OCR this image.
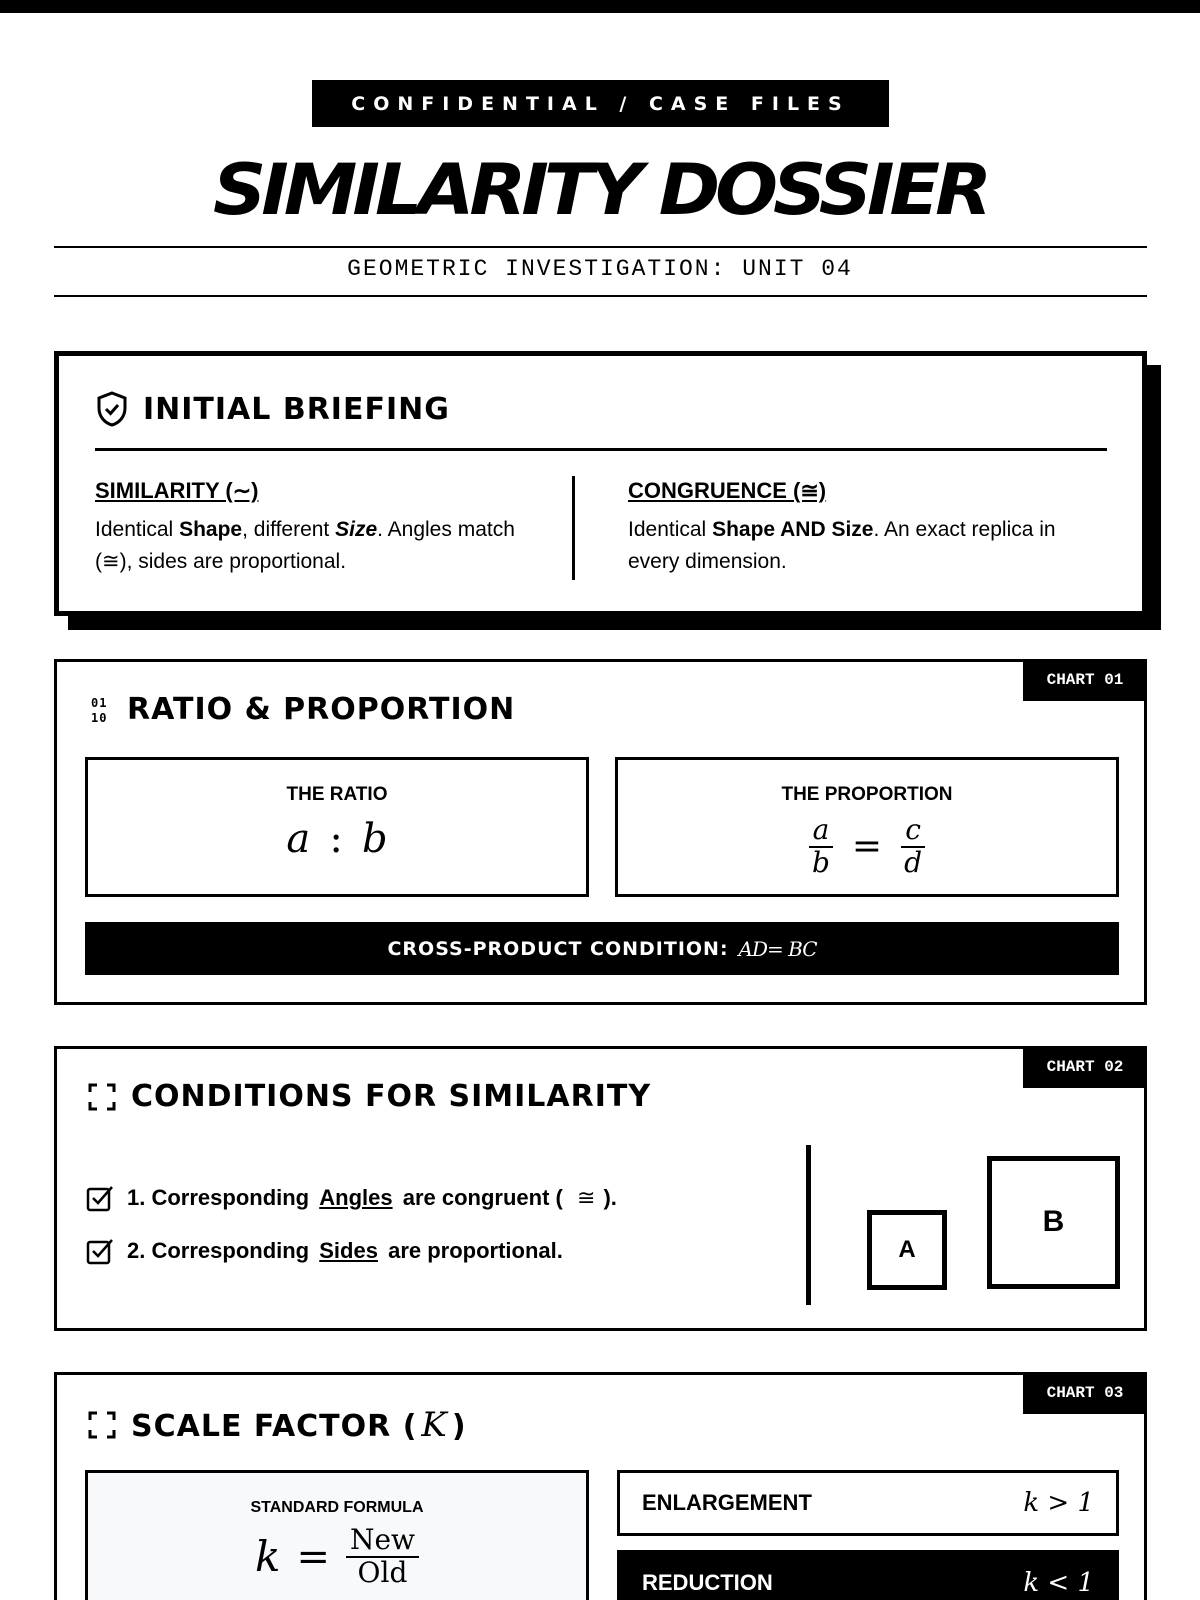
CONFIDENTIAL / CASE FILES
SIMILARITY DOSSIER
GEOMETRIC INVESTIGATION: UNIT 04
INITIAL BRIEFING
SIMILARITY (∼)
Identical Shape, different Size. Angles match (≅), sides are proportional.
CONGRUENCE (≅)
Identical Shape AND Size. An exact replica in every dimension.
CHART 01
01
10 RATIO & PROPORTION
THE RATIO
a : b
THE PROPORTION
$\frac{a}{b} = \frac{c}{d}$
CROSS-PRODUCT CONDITION: AD= BC
CHART 02
CONDITIONS FOR SIMILARITY
1. Corresponding Angles are congruent ( ≅ ).
2. Corresponding Sides are proportional.	A
B
CHART 03
SCALE FACTOR ( K )
STANDARD FORMULA
$k = \frac{\text{New}}{\text{Old}}$
ENLARGEMENT	k > 1
REDUCTION	k < 1
